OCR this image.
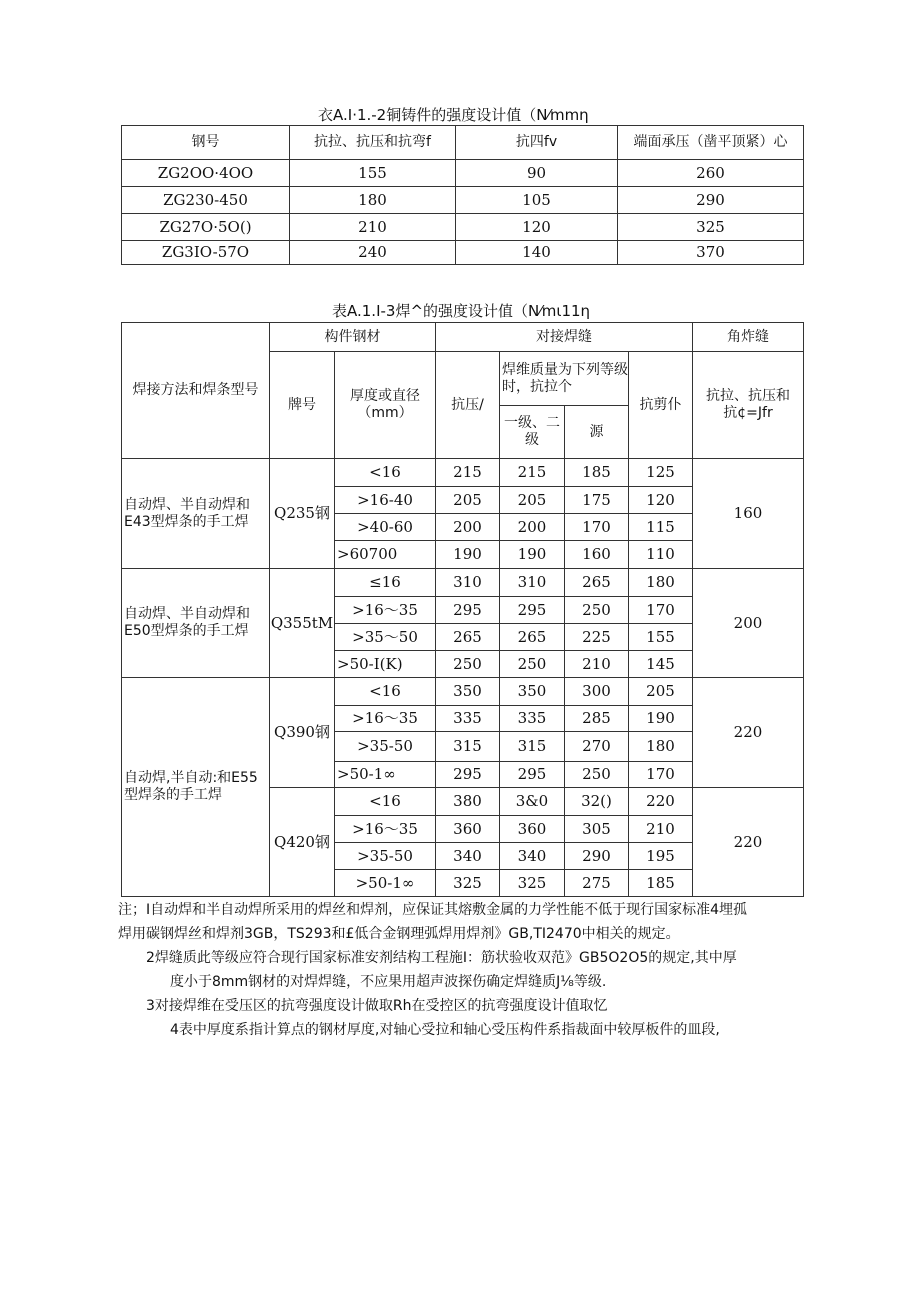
衣A.I·1.-2铜铸件的强度设计值（N⁄mmη
钢号	抗拉、抗压和抗弯f	抗四fv	端面承压（凿平顶紧）心
ZG2OO·4OO	155	90	260
ZG230-450	180	105	290
ZG27O·5O()	210	120	325
ZG3IO-57O	240	140	370
表A.1.I-3焊^的强度设计值（N⁄mι11η
焊接方法和焊条型号	构件钢材		对接焊缝				角炸缝
	牌号	厚度或直径（mm）	抗压/	焊维质量为下列等级时，抗拉个		抗剪仆	抗拉、抗压和抗¢=Jfr
				一级、二级	源		
自动焊、半自动焊和E43型焊条的手工焊	Q235钢	<16	215	215	185	125	160
		>16-40	205	205	175	120	
		>40-60	200	200	170	115	
		>60700	190	190	160	110	
自动焊、半自动焊和E50型焊条的手工焊	Q355tM	≤16	310	310	265	180	200
		>16～35	295	295	250	170	
		>35～50	265	265	225	155	
		>50-I(K)	250	250	210	145	
自动焊,半自动:和E55型焊条的手工焊	Q390钢	<16	350	350	300	205	220
		>16～35	335	335	285	190	
		>35-50	315	315	270	180	
		>50-1∞	295	295	250	170	
	Q420钢	<16	380	3&0	32()	220	220
		>16～35	360	360	305	210	
		>35-50	340	340	290	195	
		>50-1∞	325	325	275	185	
注；I自动焊和半自动焊所采用的焊丝和焊剂，应保证其熔敷金属的力学性能不低于现行国家标准4埋孤
焊用碳钢焊丝和焊剂3GB，TS293和£低合金钢理弧焊用焊剂》GB,TI2470中相关的规定。
2焊缝质此等级应符合现行国家标准安剂结构工程施I：筋状验收双范》GB5O2O5的规定,其中厚
度小于8mm钢材的对焊焊缝，不应果用超声波探伤确定焊缝质J⅛等级.
3对接焊维在受压区的抗弯强度设计做取Rh在受控区的抗弯强度设计值取忆
4表中厚度系指计算点的钢材厚度,对轴心受拉和轴心受压构件系指裁面中较厚板件的皿段,
